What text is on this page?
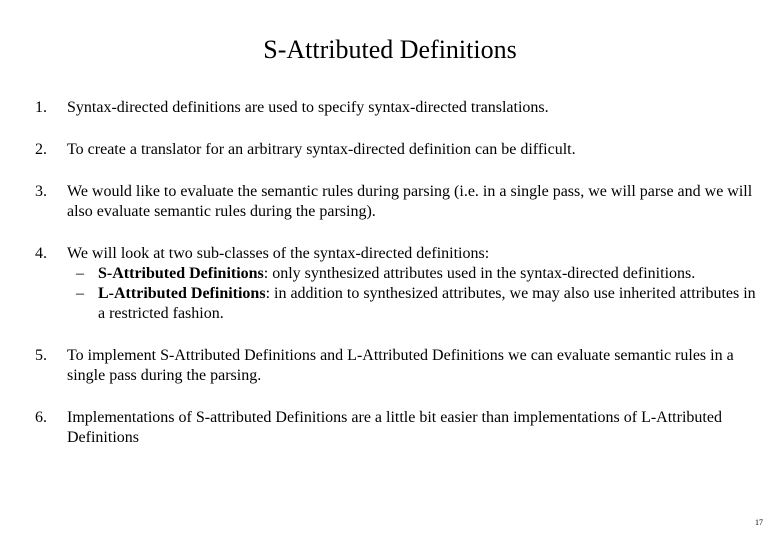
S-Attributed Definitions
1. Syntax-directed definitions are used to specify syntax-directed translations.
2. To create a translator for an arbitrary syntax-directed definition can be difficult.
3. We would like to evaluate the semantic rules during parsing (i.e. in a single pass, we will parse and we will also evaluate semantic rules during the parsing).
4. We will look at two sub-classes of the syntax-directed definitions:
– S-Attributed Definitions: only synthesized attributes used in the syntax-directed definitions.
– L-Attributed Definitions: in addition to synthesized attributes, we may also use inherited attributes in a restricted fashion.
5. To implement S-Attributed Definitions and L-Attributed Definitions we can evaluate semantic rules in a single pass during the parsing.
6. Implementations of S-attributed Definitions are a little bit easier than implementations of L-Attributed Definitions
17
